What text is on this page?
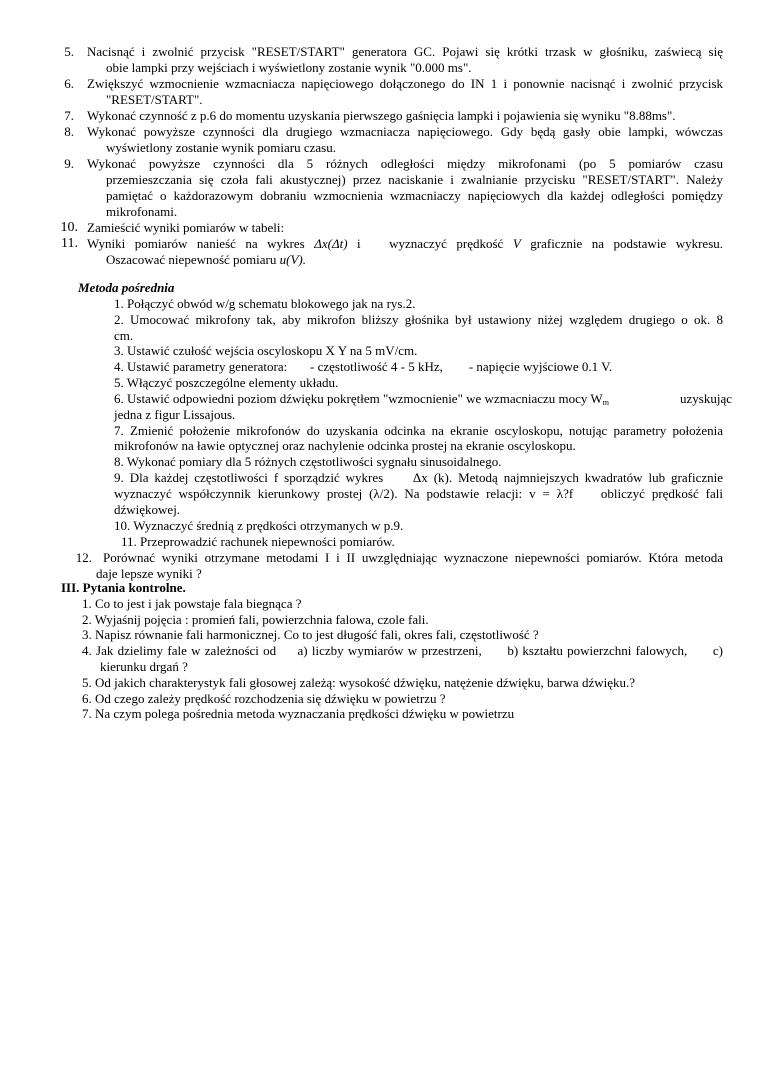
5. Nacisnąć i zwolnić przycisk "RESET/START" generatora GC. Pojawi się krótki trzask w głośniku, zaświecą się
obie lampki przy wejściach i wyświetlony zostanie wynik "0.000 ms".
6. Zwiększyć wzmocnienie wzmacniacza napięciowego dołączonego do IN 1 i ponownie nacisnąć i zwolnić przycisk
"RESET/START".
7. Wykonać czynność z p.6 do momentu uzyskania pierwszego gaśnięcia lampki i pojawienia się wyniku "8.88ms".
8. Wykonać powyższe czynności dla drugiego wzmacniacza napięciowego. Gdy będą gasły obie lampki, wówczas
wyświetlony zostanie wynik pomiaru czasu.
9. Wykonać powyższe czynności dla 5 różnych odległości między mikrofonami (po 5 pomiarów czasu
przemieszczania się czoła fali akustycznej) przez naciskanie i zwalnianie przycisku "RESET/START". Należy
pamiętać o każdorazowym dobraniu wzmocnienia wzmacniaczy napięciowych dla każdej odległości pomiędzy
mikrofonami.
10. Zamieścić wyniki pomiarów w tabeli:
11. Wyniki pomiarów nanieść na wykres Δx(Δt) i   wyznaczyć prędkość V graficznie na podstawie wykresu.
Oszacować niepewność pomiaru u(V).
Metoda pośrednia
1. Połączyć obwód w/g schematu blokowego jak na rys.2.
2. Umocować mikrofony tak, aby mikrofon bliższy głośnika był ustawiony niżej względem drugiego o ok. 8
cm.
3. Ustawić czułość wejścia oscyloskopu X Y na 5 mV/cm.
4. Ustawić parametry generatora:       - częstotliwość 4 - 5 kHz,        - napięcie wyjściowe 0.1 V.
5. Włączyć poszczególne elementy układu.
6. Ustawić odpowiedni poziom dźwięku pokrętłem "wzmocnienie" we wzmacniaczu mocy $W_m$	uzyskując
jedna z figur Lissajous.
7. Zmienić położenie mikrofonów do uzyskania odcinka na ekranie oscyloskopu, notując parametry położenia
mikrofonów na ławie optycznej oraz nachylenie odcinka prostej na ekranie oscyloskopu.
8. Wykonać pomiary dla 5 różnych częstotliwości sygnału sinusoidalnego.
9. Dla każdej częstotliwości f sporządzić wykres     Δx (k). Metodą najmniejszych kwadratów lub graficznie
wyznaczyć współczynnik kierunkowy prostej (λ/2). Na podstawie relacji: v = λ?f    obliczyć prędkość fali
dźwiękowej.
10. Wyznaczyć średnią z prędkości otrzymanych w p.9.
11. Przeprowadzić rachunek niepewności pomiarów.
12. Porównać wyniki otrzymane metodami I i II uwzględniając wyznaczone niepewności pomiarów. Która metoda
daje lepsze wyniki ?
III. Pytania kontrolne.
1. Co to jest i jak powstaje fala biegnąca ?
2. Wyjaśnij pojęcia : promień fali, powierzchnia falowa, czole fali.
3. Napisz równanie fali harmonicznej. Co to jest długość fali, okres fali, częstotliwość ?
4. Jak dzielimy fale w zależności od     a) liczby wymiarów w przestrzeni,      b) kształtu powierzchni falowych,      c)
kierunku drgań ?
5. Od jakich charakterystyk fali głosowej zależą: wysokość dźwięku, natężenie dźwięku, barwa dźwięku.?
6. Od czego zależy prędkość rozchodzenia się dźwięku w powietrzu ?
7. Na czym polega pośrednia metoda wyznaczania prędkości dźwięku w powietrzu
